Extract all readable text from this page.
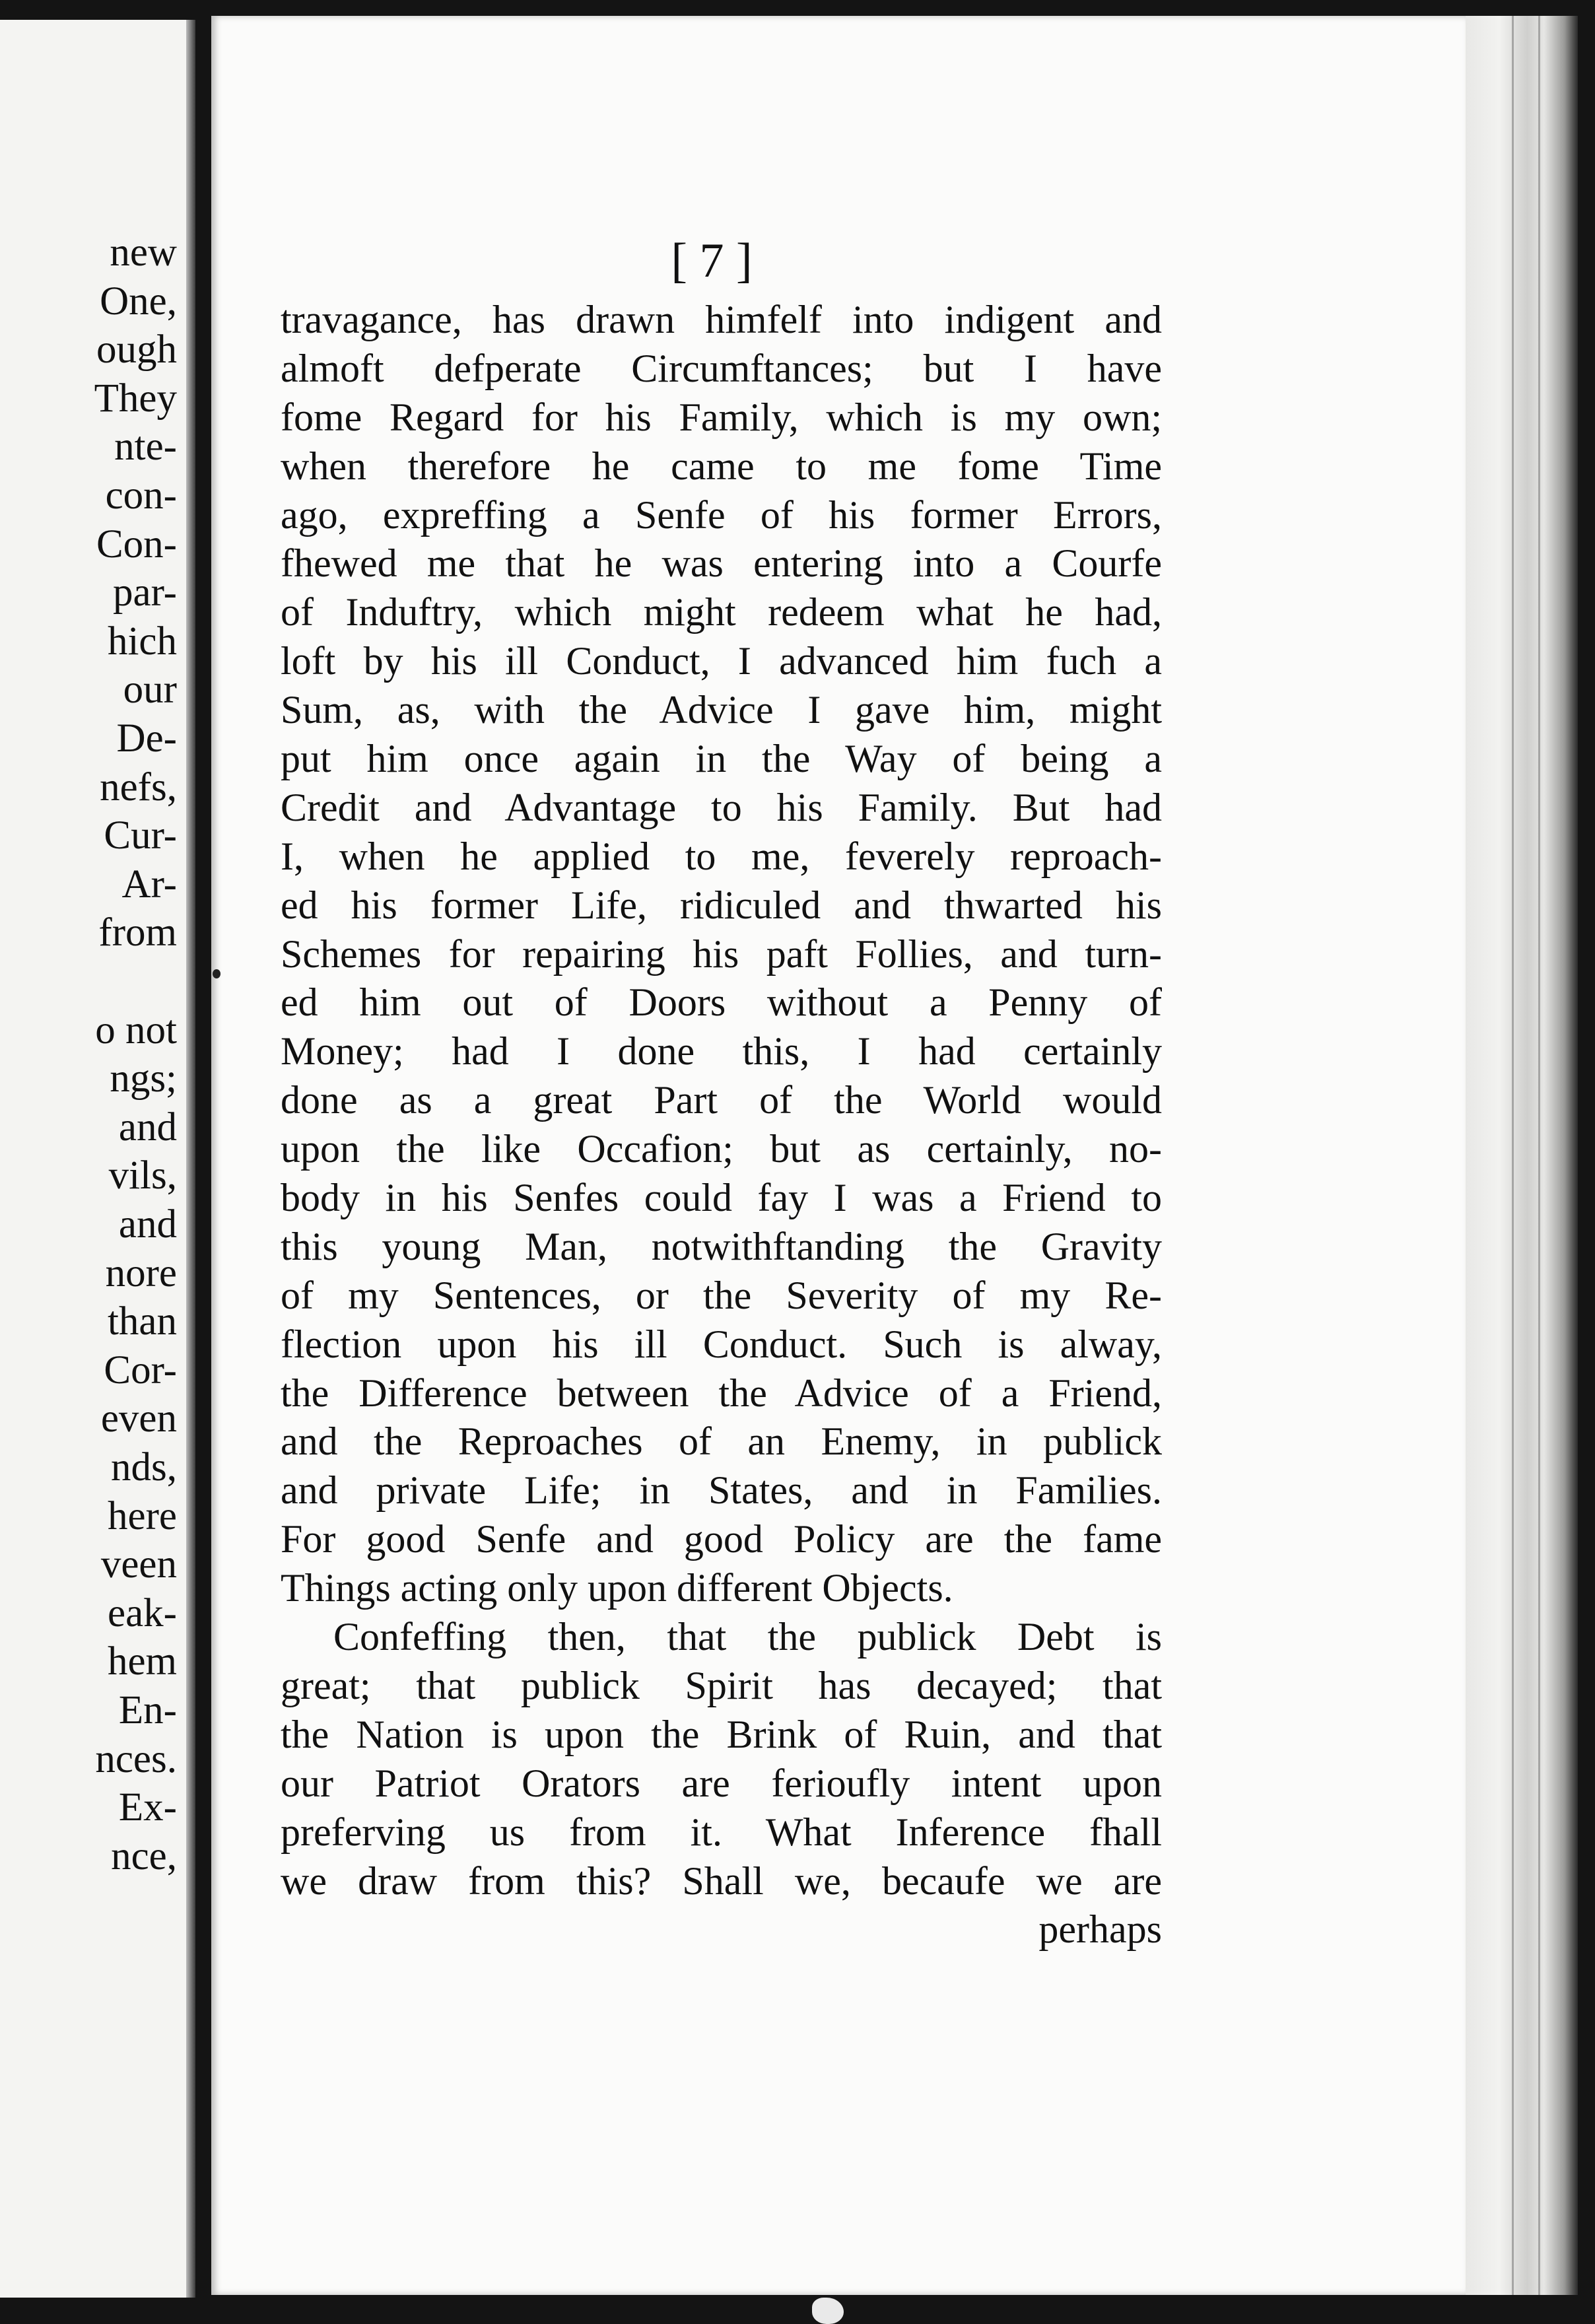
new
One,
ough
They
nte-
con-
Con-
par-
hich
our
De-
nefs,
Cur-
Ar-
from
o not
ngs;
and
vils,
and
nore
than
Cor-
even
nds,
here
veen
eak-
hem
En-
nces.
Ex-
nce,
[ 7 ]
travagance, has drawn himfelf into indigent and
almoft defperate Circumftances; but I have
fome Regard for his Family, which is my own;
when therefore he came to me fome Time
ago, expreffing a Senfe of his former Errors,
fhewed me that he was entering into a Courfe
of Induftry, which might redeem what he had,
loft by his ill Conduct, I advanced him fuch a
Sum, as, with the Advice I gave him, might
put him once again in the Way of being a
Credit and Advantage to his Family. But had
I, when he applied to me, feverely reproach-
ed his former Life, ridiculed and thwarted his
Schemes for repairing his paft Follies, and turn-
ed him out of Doors without a Penny of
Money; had I done this, I had certainly
done as a great Part of the World would
upon the like Occafion; but as certainly, no-
body in his Senfes could fay I was a Friend to
this young Man, notwithftanding the Gravity
of my Sentences, or the Severity of my Re-
flection upon his ill Conduct. Such is alway,
the Difference between the Advice of a Friend,
and the Reproaches of an Enemy, in publick
and private Life; in States, and in Families.
For good Senfe and good Policy are the fame
Things acting only upon different Objects.
Confeffing then, that the publick Debt is
great; that publick Spirit has decayed; that
the Nation is upon the Brink of Ruin, and that
our Patriot Orators are ferioufly intent upon
preferving us from it. What Inference fhall
we draw from this? Shall we, becaufe we are
perhaps
